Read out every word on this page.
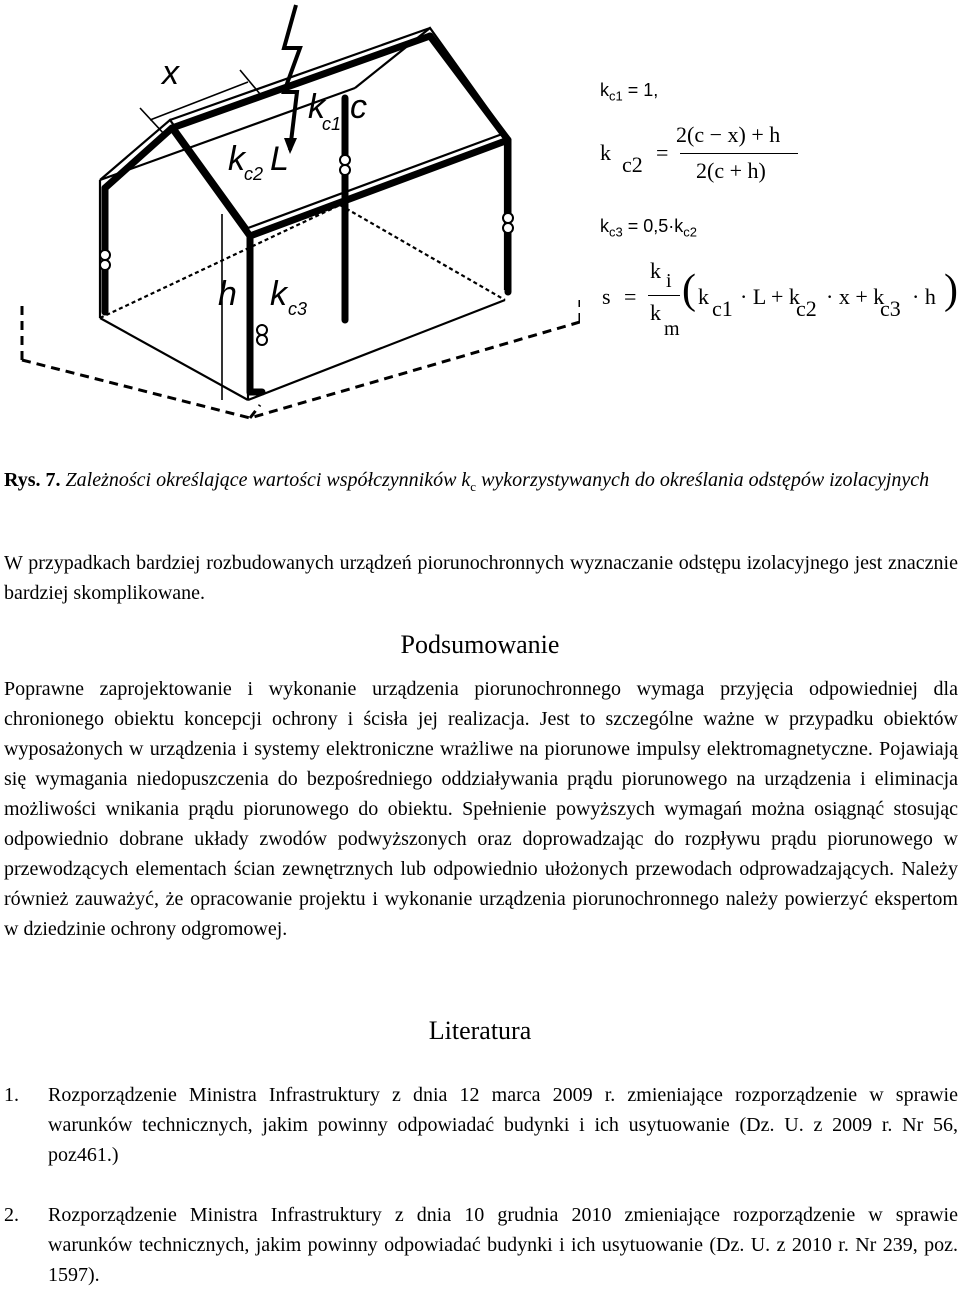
x
c
k
c1
k c2 L
h k c3
$k_{c1} = 1$,
k c2 =
2(c − x) + h
2(c + h)
$k_{c3} = 0,5\cdot k_{c2}$
s =
k i
k
m
( k c1 · L + k
c2 · x + k
c3 · h )

Rys. 7. Zależności określające wartości współczynników $k_c$ wykorzystywanych do określania odstępów izolacyjnych

W przypadkach bardziej rozbudowanych urządzeń piorunochronnych wyznaczanie odstępu izolacyjnego jest znacznie bardziej skomplikowane.

Podsumowanie

Poprawne zaprojektowanie i wykonanie urządzenia piorunochronnego wymaga przyjęcia odpowiedniej dla chronionego obiektu koncepcji ochrony i ścisła jej realizacja. Jest to szczególne ważne w przypadku obiektów wyposażonych w urządzenia i systemy elektroniczne wrażliwe na piorunowe impulsy elektromagnetyczne. Pojawiają się wymagania niedopuszczenia do bezpośredniego oddziaływania prądu piorunowego na urządzenia i eliminacja możliwości wnikania prądu piorunowego do obiektu. Spełnienie powyższych wymagań można osiągnąć stosując odpowiednio dobrane układy zwodów podwyższonych oraz doprowadzając do rozpływu prądu piorunowego w przewodzących elementach ścian zewnętrznych lub odpowiednio ułożonych przewodach odprowadzających. Należy również zauważyć, że opracowanie projektu i wykonanie urządzenia piorunochronnego należy powierzyć ekspertom w dziedzinie ochrony odgromowej.

Literatura
1. Rozporządzenie Ministra Infrastruktury z dnia 12 marca 2009 r. zmieniające rozporządzenie w sprawie warunków technicznych, jakim powinny odpowiadać budynki i ich usytuowanie (Dz. U. z 2009 r. Nr 56, poz461.)
2. Rozporządzenie Ministra Infrastruktury z dnia 10 grudnia 2010 zmieniające rozporządzenie w sprawie warunków technicznych, jakim powinny odpowiadać budynki i ich usytuowanie (Dz. U. z 2010 r. Nr 239, poz. 1597).
